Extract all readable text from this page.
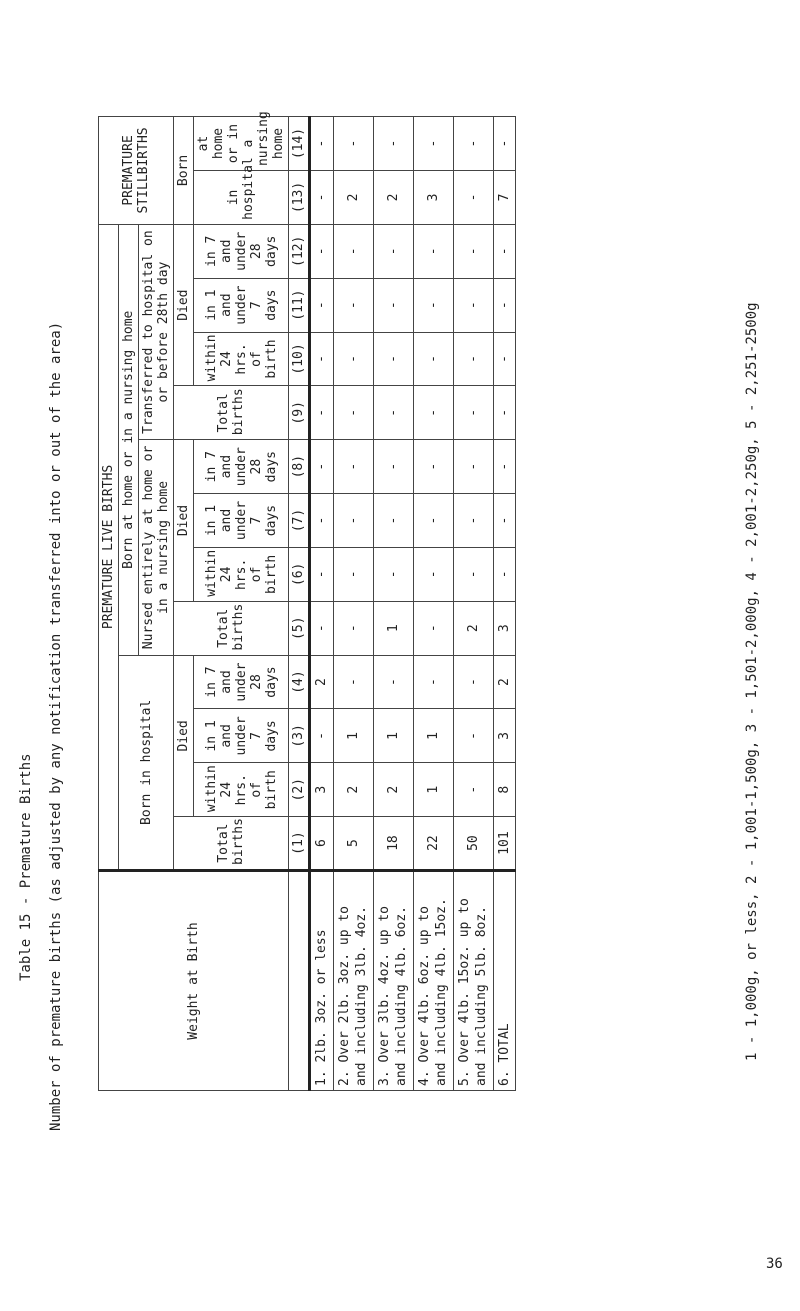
Table 15 - Premature Births Number of premature births (as adjusted by any notification transferred into or out of the area)	Weight at Birth	PREMATURE LIVE BIRTHS												PREMATURE STILLBIRTHS	
	Born in hospital				Born at home or in a nursing home									
					Nursed entirely at home or in a nursing home				Transferred to hospital on or before 28th day					
	Total births	Died			Total births	Died			Total births	Died			Born	
		within 24 hrs. of birth	in 1 and under 7 days	in 7 and under 28 days		within 24 hrs. of birth	in 1 and under 7 days	in 7 and under 28 days		within 24 hrs. of birth	in 1 and under 7 days	in 7 and under 28 days	in hospital	at home or in a nursing home
	(1)	(2)	(3)	(4)	(5)	(6)	(7)	(8)	(9)	(10)	(11)	(12)	(13)	(14)
1. 2lb. 3oz. or less	6	3	-	2	-	-	-	-	-	-	-	-	-	-
2. Over 2lb. 3oz. up to and including 3lb. 4oz.	5	2	1	-	-	-	-	-	-	-	-	-	2	-
3. Over 3lb. 4oz. up to and including 4lb. 6oz.	18	2	1	-	1	-	-	-	-	-	-	-	2	-
4. Over 4lb. 6oz. up to and including 4lb. 15oz.	22	1	1	-	-	-	-	-	-	-	-	-	3	-
5. Over 4lb. 15oz. up to and including 5lb. 8oz.	50	-	-	-	2	-	-	-	-	-	-	-	-	-
6. TOTAL	101	8	3	2	3	-	-	-	-	-	-	-	7	-
1 - 1,000g, or less, 2 - 1,001-1,500g, 3 - 1,501-2,000g, 4 - 2,001-2,250g, 5 - 2,251-2500g
36
